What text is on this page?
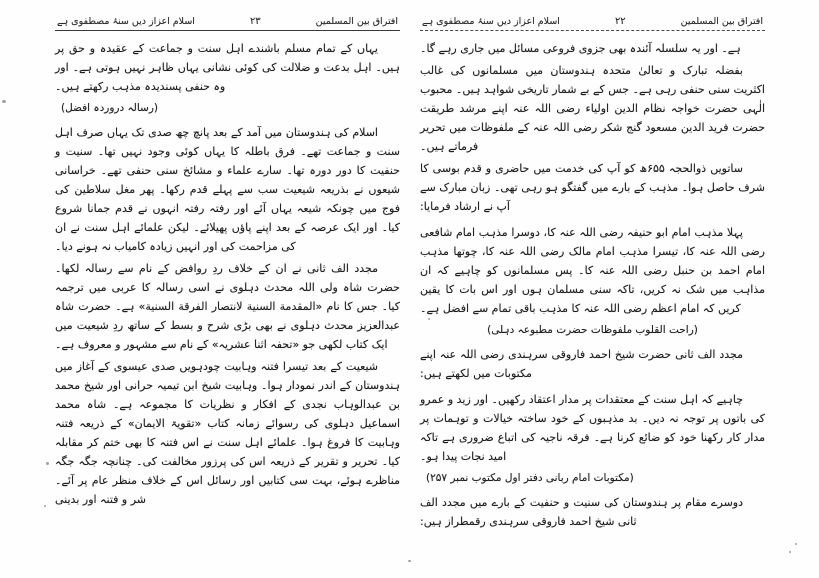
افتراق بین المسلمین
۲۲
اسلام اعزاز دیں سنۂ مصطفوی ہے

ہے۔ اور یہ سلسلہ آئندہ بھی جزوی فروعی مسائل میں جاری رہے گا۔

بفضلہ تبارک و تعالیٰ متحدہ ہندوستان میں مسلمانوں کی غالب اکثریت سنی حنفی رہی ہے۔ جس کے بے شمار تاریخی شواہد ہیں۔ محبوب الٰہی حضرت خواجہ نظام الدین اولیاء رضی اللہ عنہ اپنے مرشد طریقت حضرت فرید الدین مسعود گنج شکر رضی اللہ عنہ کے ملفوظات میں تحریر فرماتے ہیں۔

ساتویں ذوالحجہ ۶۵۵ھ کو آپ کی خدمت میں حاضری و قدم بوسی کا شرف حاصل ہوا۔ مذہب کے بارے میں گفتگو ہو رہی تھی۔ زبان مبارک سے آپ نے ارشاد فرمایا:

پہلا مذہب امام ابو حنیفہ رضی اللہ عنہ کا، دوسرا مذہب امام شافعی رضی اللہ عنہ کا، تیسرا مذہب امام مالک رضی اللہ عنہ کا، چوتھا مذہب امام احمد بن حنبل رضی اللہ عنہ کا۔ پس مسلمانوں کو چاہیے کہ ان مذاہب میں شک نہ کریں، تاکہ سنی مسلمان ہوں اور اس بات کا یقین کریں کہ امام اعظم رضی اللہ عنہ کا مذہب باقی تمام سے افضل ہے۔

(راحت القلوب ملفوظات حضرت مطبوعہ دہلی)

مجدد الف ثانی حضرت شیخ احمد فاروقی سرہندی رضی اللہ عنہ اپنے مکتوبات میں لکھتے ہیں:

چاہیے کہ اہل سنت کے معتقدات پر مدار اعتقاد رکھیں۔ اور زید و عمرو کی باتوں پر توجہ نہ دیں۔ بد مذہبوں کے خود ساختہ خیالات و توہمات پر مدار کار رکھنا خود کو ضائع کرنا ہے۔ فرقہ ناجیہ کی اتباع ضروری ہے تاکہ امید نجات پیدا ہو۔

(مکتوبات امام ربانی دفتر اول مکتوب نمبر ۲۵۷)

دوسرے مقام پر ہندوستان کی سنیت و حنفیت کے بارے میں مجدد الف ثانی شیخ احمد فاروقی سرہندی رقمطراز ہیں:

افتراق بین المسلمین
۲۳
اسلام اعزاز دیں سنۂ مصطفوی ہے

یہاں کے تمام مسلم باشندے اہل سنت و جماعت کے عقیدہ و حق پر ہیں۔ اہل بدعت و ضلالت کی کوئی نشانی یہاں ظاہر نہیں ہوتی ہے۔ اور وہ حنفی پسندیدہ مذہب رکھتے ہیں۔

(رسالہ دروردہ افضل)

اسلام کی ہندوستان میں آمد کے بعد پانچ چھ صدی تک یہاں صرف اہل سنت و جماعت تھے۔ فرق باطلہ کا یہاں کوئی وجود نہیں تھا۔ سنیت و حنفیت کا دور دورہ تھا۔ سارے علماء و مشائخ سنی حنفی تھے۔ خراسانی شیعوں نے بذریعہ شیعیت سب سے پہلے قدم رکھا۔ پھر مغل سلاطین کی فوج میں چونکہ شیعہ یہاں آئے اور رفتہ رفتہ انہوں نے قدم جمانا شروع کیا۔ اور ایک عرصہ کے بعد اپنے پاؤں پھیلائے۔ لیکن علمائے اہل سنت نے ان کی مزاحمت کی اور انہیں زیادہ کامیاب نہ ہونے دیا۔

مجدد الف ثانی نے ان کے خلاف ردِ روافض کے نام سے رسالہ لکھا۔ حضرت شاہ ولی اللہ محدث دہلوی نے اسی رسالہ کا عربی میں ترجمہ کیا۔ جس کا نام «المقدمة السنية لانتصار الفرقة السنية» ہے۔ حضرت شاہ عبدالعزیز محدث دہلوی نے بھی بڑی شرح و بسط کے ساتھ ردِ شیعیت میں ایک کتاب لکھی جو «تحفہ اثنا عشریہ» کے نام سے مشہور و معروف ہے۔

شیعیت کے بعد تیسرا فتنہ وہابیت چودہویں صدی عیسوی کے آغاز میں ہندوستان کے اندر نمودار ہوا۔ وہابیت شیخ ابن تیمیہ حرانی اور شیخ محمد بن عبدالوہاب نجدی کے افکار و نظریات کا مجموعہ ہے۔ شاہ محمد اسماعیل دہلوی کی رسوائے زمانہ کتاب «تقویۃ الایمان» کے ذریعہ فتنہ وہابیت کا فروغ ہوا۔ علمائے اہل سنت نے اس فتنہ کا بھی ختم کر مقابلہ کیا۔ تحریر و تقریر کے ذریعہ اس کی پرزور مخالفت کی۔ چنانچہ جگہ جگہ مناظرے ہوئے، بہت سی کتابیں اور رسائل اس کے خلاف منظر عام پر آئے۔ شر و فتنہ اور بدینی
